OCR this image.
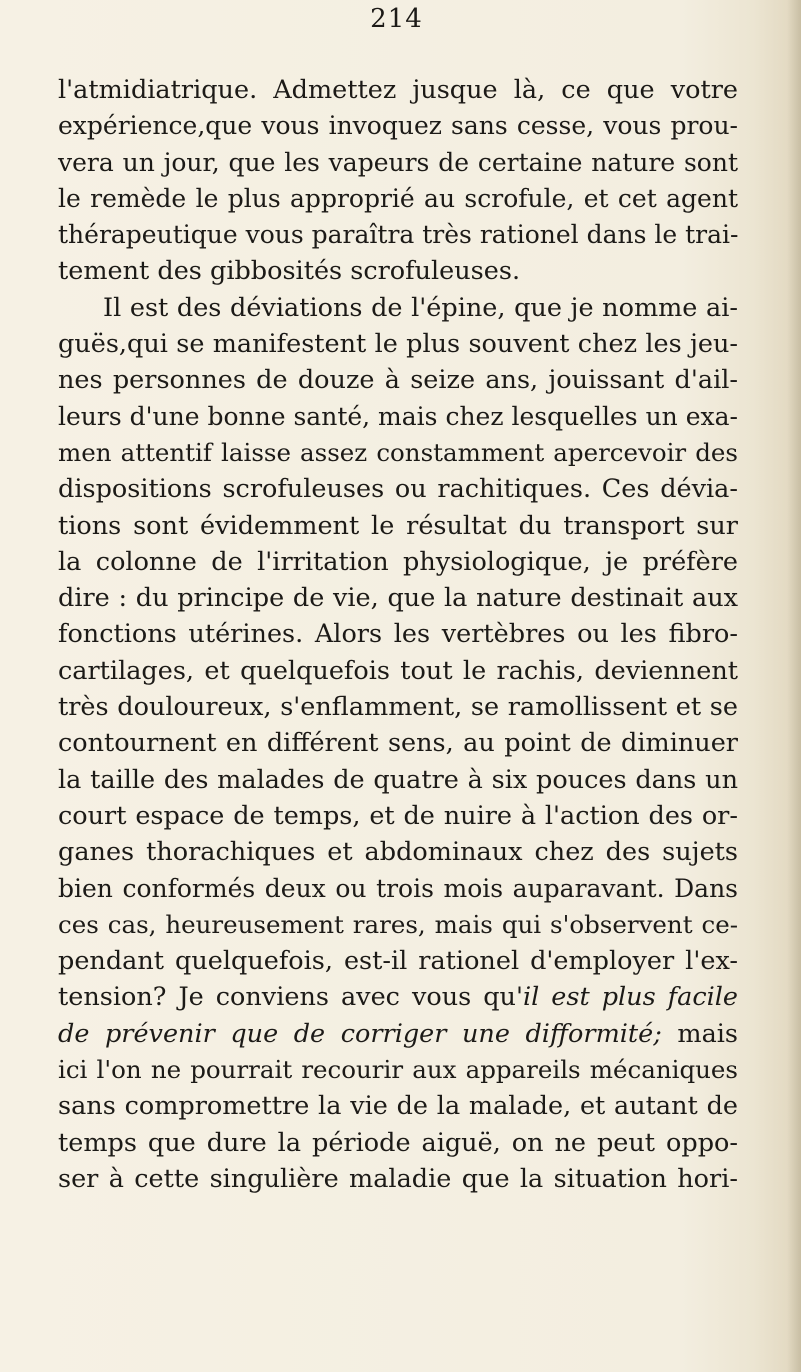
214
l'atmidiatrique. Admettez jusque là, ce que votre
expérience,que vous invoquez sans cesse, vous prou-
vera un jour, que les vapeurs de certaine nature sont
le remède le plus approprié au scrofule, et cet agent
thérapeutique vous paraîtra très rationel dans le trai-
tement des gibbosités scrofuleuses.
Il est des déviations de l'épine, que je nomme ai-
guës,qui se manifestent le plus souvent chez les jeu-
nes personnes de douze à seize ans, jouissant d'ail-
leurs d'une bonne santé, mais chez lesquelles un exa-
men attentif laisse assez constamment apercevoir des
dispositions scrofuleuses ou rachitiques. Ces dévia-
tions sont évidemment le résultat du transport sur
la colonne de l'irritation physiologique, je préfère
dire : du principe de vie, que la nature destinait aux
fonctions utérines. Alors les vertèbres ou les fibro-
cartilages, et quelquefois tout le rachis, deviennent
très douloureux, s'enflamment, se ramollissent et se
contournent en différent sens, au point de diminuer
la taille des malades de quatre à six pouces dans un
court espace de temps, et de nuire à l'action des or-
ganes thorachiques et abdominaux chez des sujets
bien conformés deux ou trois mois auparavant. Dans
ces cas, heureusement rares, mais qui s'observent ce-
pendant quelquefois, est-il rationel d'employer l'ex-
tension? Je conviens avec vous qu'il est plus facile
de prévenir que de corriger une difformité; mais
ici l'on ne pourrait recourir aux appareils mécaniques
sans compromettre la vie de la malade, et autant de
temps que dure la période aiguë, on ne peut oppo-
ser à cette singulière maladie que la situation hori-
